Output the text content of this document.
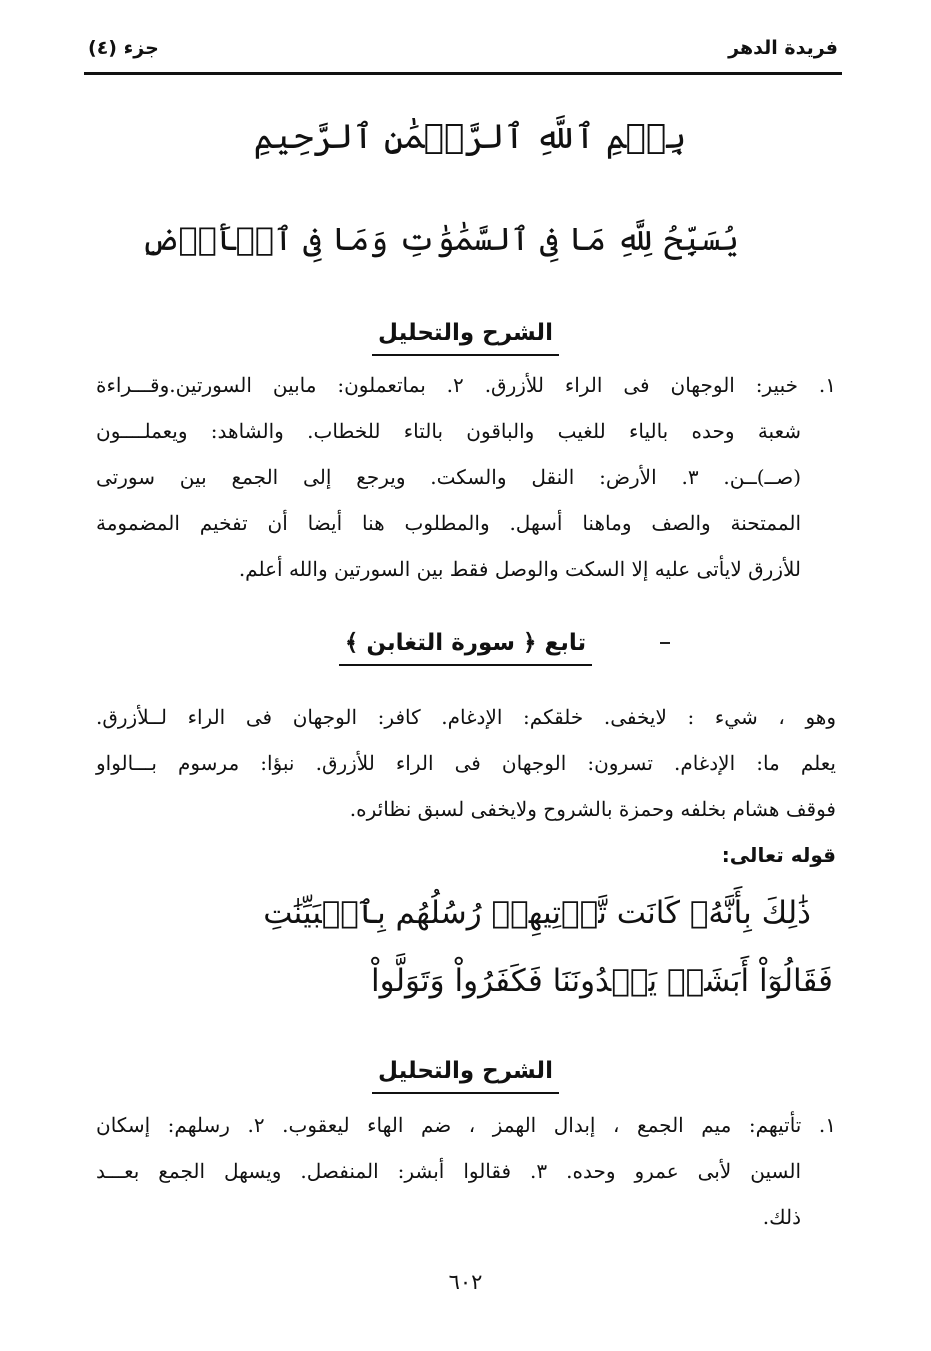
فريدة الدهر
جزء (٤)
بِسۡمِ ٱللَّهِ ٱلرَّحۡمَٰنِ ٱلرَّحِيمِ
يُسَبِّحُ لِلَّهِ مَا فِى ٱلسَّمَٰوَٰتِ وَمَا فِى ٱلۡأَرۡضِ
الشرح والتحليل
١. خبير: الوجهان فى الراء للأزرق. ٢. بماتعملون: مابين السورتين.وقـــراءة
شعبة وحده بالياء للغيب والباقون بالتاء للخطاب. والشاهد: ويعملــــون
(صــ)ــن. ٣. الأرض: النقل والسكت. ويرجع إلى الجمع بين سورتى
الممتحنة والصف وماهنا أسهل. والمطلوب هنا أيضا أن تفخيم المضمومة
للأزرق لايأتى عليه إلا السكت والوصل فقط بين السورتين والله أعلم.
تابع ﴿ سورة التغابن ﴾
وهو ، شيء : لايخفى. خلقكم: الإدغام. كافر: الوجهان فى الراء لــلأزرق.
يعلم ما: الإدغام. تسرون: الوجهان فى الراء للأزرق. نبؤا: مرسوم بـــالواو
فوقف هشام بخلفه وحمزة بالشروح ولايخفى لسبق نظائره.
قوله تعالى:
ذَٰلِكَ بِأَنَّهُۥ كَانَت تَّأۡتِيهِمۡ رُسُلُهُم بِٱلۡبَيِّنَٰتِ
فَقَالُوٓاْ أَبَشَرٞ يَهۡدُونَنَا فَكَفَرُواْ وَتَوَلَّواْ
الشرح والتحليل
١. تأتيهم: ميم الجمع ، إبدال الهمز ، ضم الهاء ليعقوب. ٢. رسلهم: إسكان
السين لأبى عمرو وحده. ٣. فقالوا أبشر: المنفصل. ويسهل الجمع بعـــد
ذلك.
٦٠٢
